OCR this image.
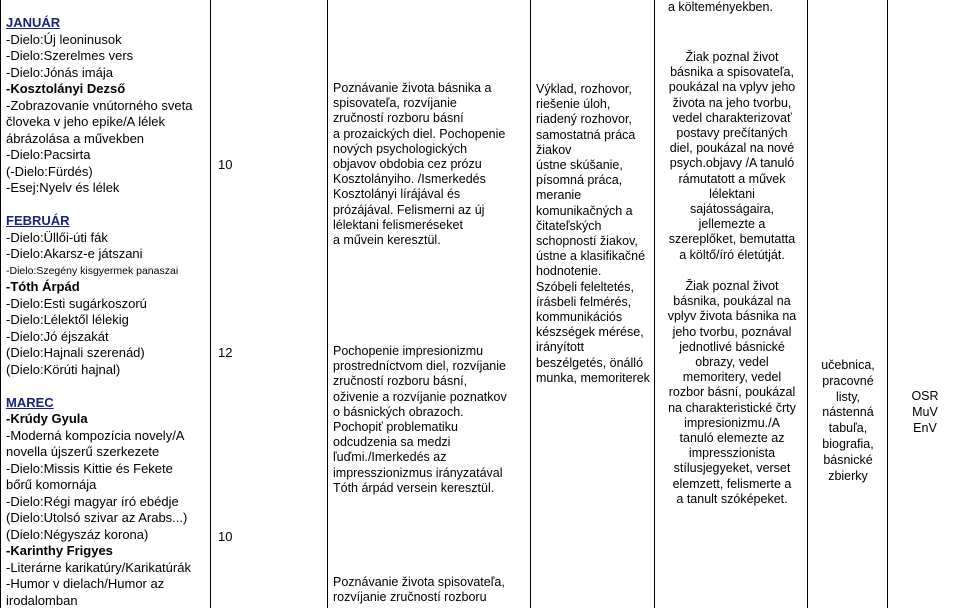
JANUÁR
-Dielo:Új leoninusok
-Dielo:Szerelmes vers
-Dielo:Jónás imája
-Kosztolányi Dezső
-Zobrazovanie vnútorného sveta
človeka v jeho epike/A lélek
ábrázolása a művekben
-Dielo:Pacsirta
(-Dielo:Fürdés)
-Esej:Nyelv és lélek
FEBRUÁR
-Dielo:Üllői-úti fák
-Dielo:Akarsz-e játszani
-Dielo:Szegény kisgyermek panaszai
-Tóth Árpád
-Dielo:Esti sugárkoszorú
-Dielo:Lélektől lélekig
-Dielo:Jó éjszakát
(Dielo:Hajnali szerenád)
(Dielo:Körúti hajnal)
MAREC
-Krúdy Gyula
-Moderná kompozícia novely/A
novella újszerű szerkezete
-Dielo:Missis Kittie és Fekete
bőrű komornája
-Dielo:Régi magyar író ebédje
(Dielo:Utolsó szivar az Arabs...)
(Dielo:Négyszáz korona)
-Karinthy Frigyes
-Literárne karikatúry/Karikatúrák
-Humor v dielach/Humor az
irodalomban
10
12
10

Poznávanie života básnika a
spisovateľa, rozvíjanie
zručností rozboru básní
a prozaických diel. Pochopenie
nových psychologických
objavov obdobia cez prózu
Kosztolányiho. /Ismerkedés
Kosztolányi lírájával és
prózájával. Felismerni az új
lélektani felismeréseket
a művein keresztül.

Pochopenie impresionizmu
prostredníctvom diel, rozvíjanie
zručností rozboru básní,
oživenie a rozvíjanie poznatkov
o básnických obrazoch.
Pochopiť problematiku
odcudzenia sa medzi
ľuďmi./Imerkedés az
impresszionizmus irányzatával
Tóth árpád versein keresztül.

Poznávanie života spisovateľa,
rozvíjanie zručností rozboru

Výklad, rozhovor,
riešenie úloh,
riadený rozhovor,
samostatná práca
žiakov
ústne skúšanie,
písomná práca,
meranie
komunikačných a
čitateľských
schopností žiakov,
ústne a klasifikačné
hodnotenie.
Szóbeli feleltetés,
írásbeli felmérés,
kommunikációs
készségek mérése,
irányított
beszélgetés, önálló
munka, memoriterek

a költeményekben.

Žiak poznal život
básnika a spisovateľa,
poukázal na vplyv jeho
života na jeho tvorbu,
vedel charakterizovať
postavy prečítaných
diel, poukázal na nové
psych.objavy /A tanuló
rámutatott a művek
lélektani
sajátosságaira,
jellemezte a
szereplőket, bemutatta
a költő/író életútját.

Žiak poznal život
básnika, poukázal na
vplyv života básnika na
jeho tvorbu, poznával
jednotlivé básnické
obrazy, vedel
memoritery, vedel
rozbor básní, poukázal
na charakteristické črty
impresionizmu./A
tanuló elemezte az
impresszionista
stílusjegyeket, verset
elemzett, felismerte a
a tanult szóképeket.

učebnica,
pracovné
listy,
nástenná
tabuľa,
biografia,
básnické
zbierky

OSR
MuV
EnV
